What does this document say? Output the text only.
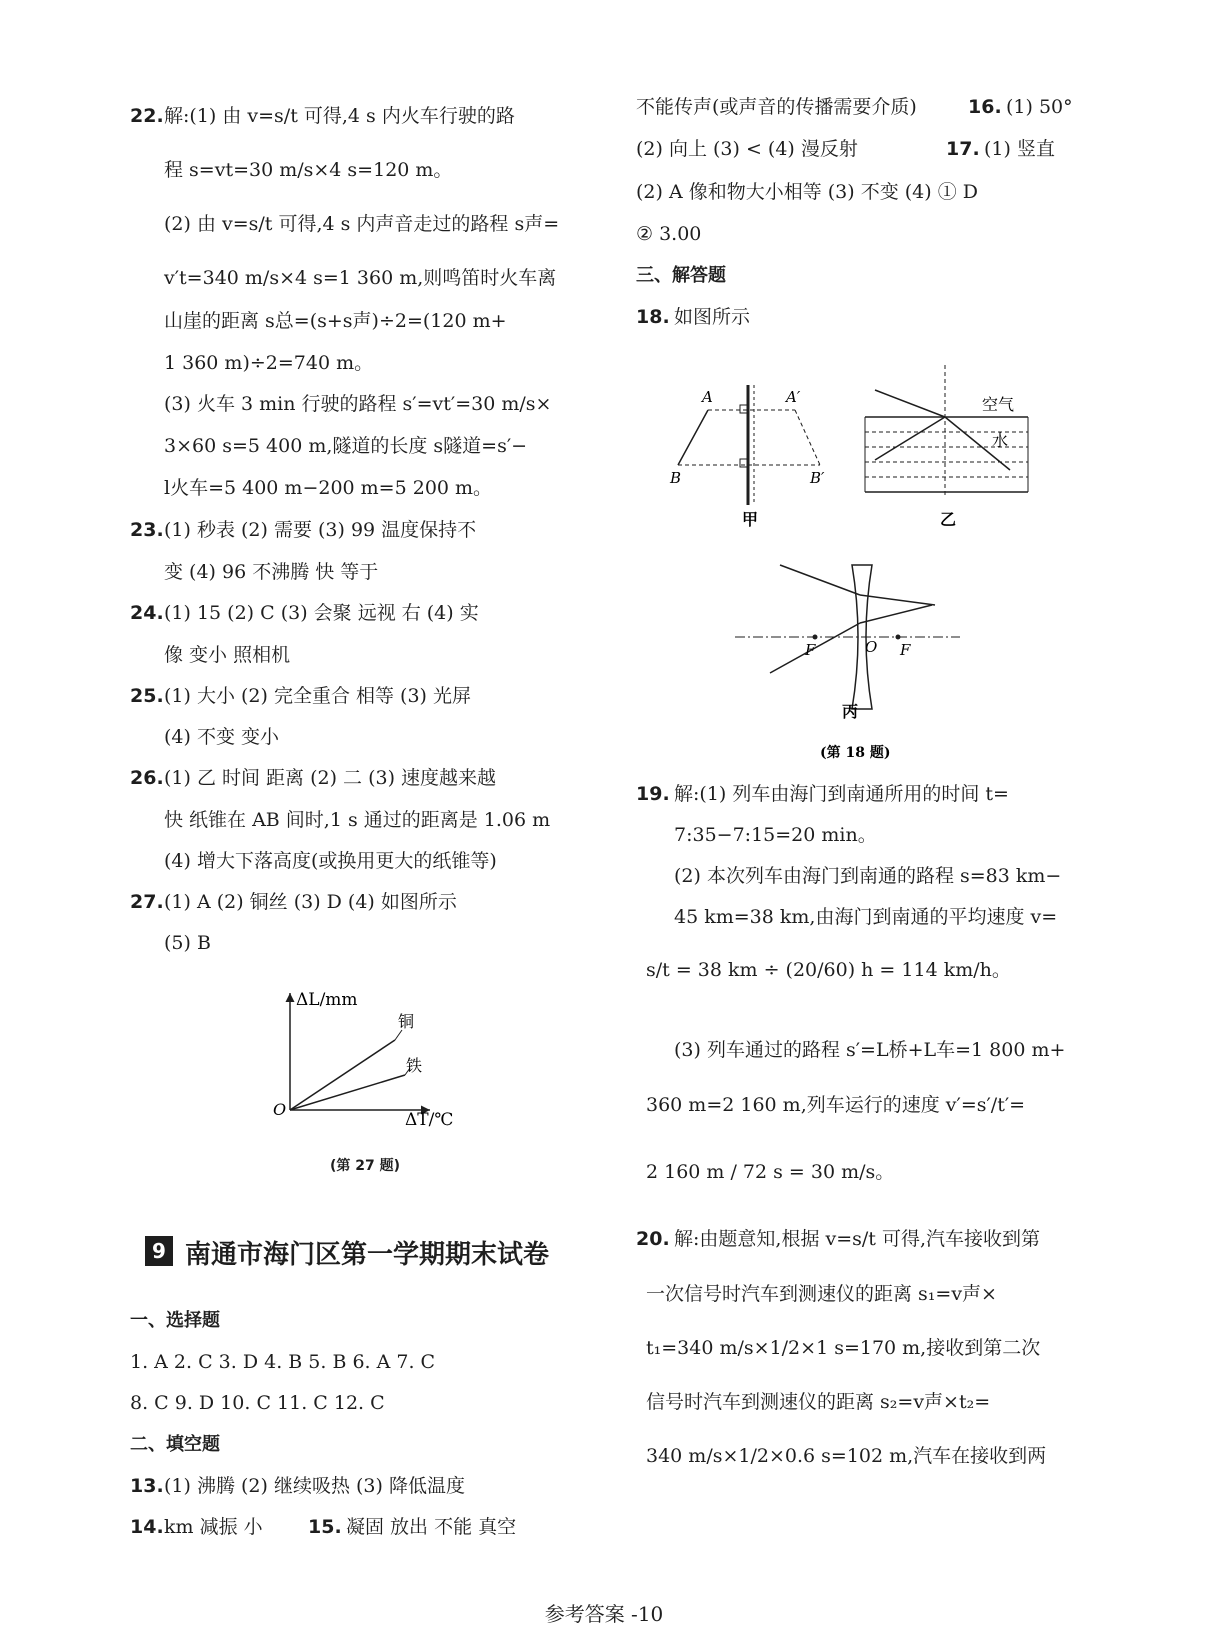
22. 解:(1) 由 v=s/t 可得,4 s 内火车行驶的路
程 s=vt=30 m/s×4 s=120 m。
(2) 由 v=s/t 可得,4 s 内声音走过的路程 s声=
v′t=340 m/s×4 s=1 360 m,则鸣笛时火车离
山崖的距离 s总=(s+s声)÷2=(120 m+
1 360 m)÷2=740 m。
(3) 火车 3 min 行驶的路程 s′=vt′=30 m/s×
3×60 s=5 400 m,隧道的长度 s隧道=s′−
l火车=5 400 m−200 m=5 200 m。
23. (1) 秒表 (2) 需要 (3) 99 温度保持不
变 (4) 96 不沸腾 快 等于
24. (1) 15 (2) C (3) 会聚 远视 右 (4) 实
像 变小 照相机
25. (1) 大小 (2) 完全重合 相等 (3) 光屏
(4) 不变 变小
26. (1) 乙 时间 距离 (2) 二 (3) 速度越来越
快 纸锥在 AB 间时,1 s 通过的距离是 1.06 m
(4) 增大下落高度(或换用更大的纸锥等)
27. (1) A (2) 铜丝 (3) D (4) 如图所示
(5) B
ΔL/mm
ΔT/℃
O
铜
铁
(第 27 题)
9 南通市海门区第一学期期末试卷
一、选择题
1. A 2. C 3. D 4. B 5. B 6. A 7. C
8. C 9. D 10. C 11. C 12. C
二、填空题
13. (1) 沸腾 (2) 继续吸热 (3) 降低温度
14. km 减振 小 15. 凝固 放出 不能 真空
不能传声(或声音的传播需要介质)	16. (1) 50°
(2) 向上 (3) < (4) 漫反射	17. (1) 竖直
(2) A 像和物大小相等 (3) 不变 (4) ① D
② 3.00
三、解答题
18. 如图所示
A	A′
B	B′
甲
空气
水
乙
F	O F
丙
(第 18 题)
19. 解:(1) 列车由海门到南通所用的时间 t=
7:35−7:15=20 min。
(2) 本次列车由海门到南通的路程 s=83 km−
45 km=38 km,由海门到南通的平均速度 v=
s/t = 38 km ÷ (20/60) h = 114 km/h。
(3) 列车通过的路程 s′=L桥+L车=1 800 m+
360 m=2 160 m,列车运行的速度 v′=s′/t′=
2 160 m / 72 s = 30 m/s。
20. 解:由题意知,根据 v=s/t 可得,汽车接收到第
一次信号时汽车到测速仪的距离 s₁=v声×
t₁=340 m/s×1/2×1 s=170 m,接收到第二次
信号时汽车到测速仪的距离 s₂=v声×t₂=
340 m/s×1/2×0.6 s=102 m,汽车在接收到两
参考答案 -10
